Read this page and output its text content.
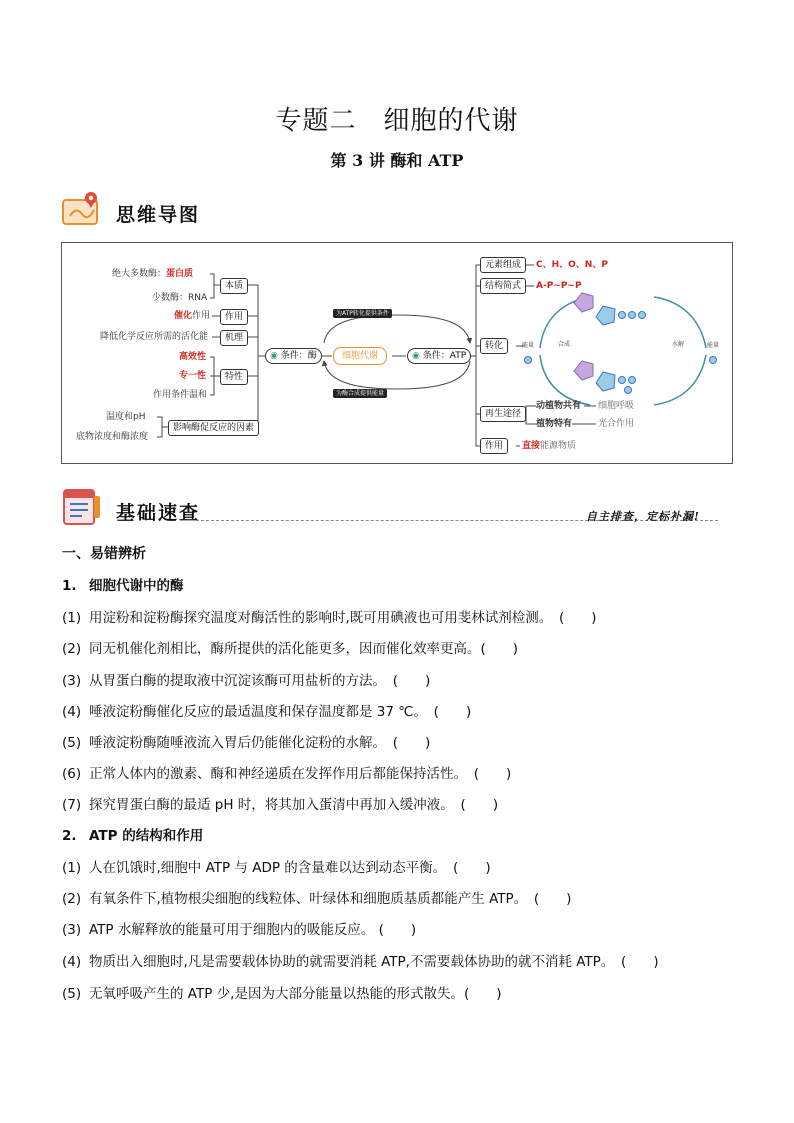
专题二　细胞的代谢
第 3 讲 酶和 ATP
思维导图
绝大多数酶：蛋白质
少数酶：RNA
本质
催化作用	作用
降低化学反应所需的活化能	机理
高效性
专一性	特性
作用条件温和
温度和pH
底物浓度和酶浓度
影响酶促反应的因素
◉ 条件：酶	细胞代谢	◉ 条件：ATP
为ATP转化提供条件
为酶合成提供能量
元素组成	C、H、O、N、P
结构简式	A-P~P~P
转化	能量	合成	水解	能量
再生途径
动植物共有 细胞呼吸
植物特有	光合作用
作用	直接能源物质
基础速查	自主排查，定标补漏!
一、易错辨析
1. 细胞代谢中的酶
2. ATP 的结构和作用
(1) 用淀粉和淀粉酶探究温度对酶活性的影响时,既可用碘液也可用斐林试剂检测。　(　　)
(2) 同无机催化剂相比，酶所提供的活化能更多，因而催化效率更高。(　　)
(3) 从胃蛋白酶的提取液中沉淀该酶可用盐析的方法。　(　　)
(4) 唾液淀粉酶催化反应的最适温度和保存温度都是 37 ℃。　(　　)
(5) 唾液淀粉酶随唾液流入胃后仍能催化淀粉的水解。　(　　)
(6) 正常人体内的激素、酶和神经递质在发挥作用后都能保持活性。　(　　)
(7) 探究胃蛋白酶的最适 pH 时，将其加入蛋清中再加入缓冲液。　(　　)
(1) 人在饥饿时,细胞中 ATP 与 ADP 的含量难以达到动态平衡。　(　　)
(2) 有氧条件下,植物根尖细胞的线粒体、叶绿体和细胞质基质都能产生 ATP。　(　　)
(3) ATP 水解释放的能量可用于细胞内的吸能反应。 (　　)
(4) 物质出入细胞时,凡是需要载体协助的就需要消耗 ATP,不需要载体协助的就不消耗 ATP。　(　　)
(5) 无氧呼吸产生的 ATP 少,是因为大部分能量以热能的形式散失。(　　)
